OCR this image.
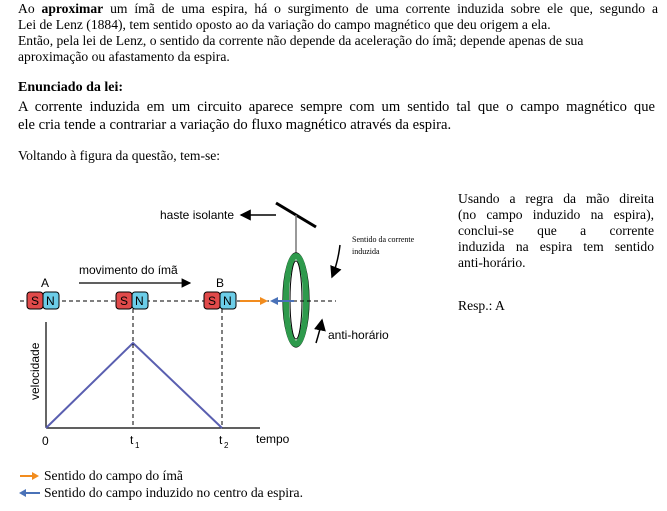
Ao aproximar um ímã de uma espira, há o surgimento de uma corrente induzida sobre ele que, segundo a

Lei de Lenz (1884), tem sentido oposto ao da variação do campo magnético que deu origem a ela.

Então, pela lei de Lenz, o sentido da corrente não depende da aceleração do ímã; depende apenas de sua

aproximação ou afastamento da espira.

Enunciado da lei:

A corrente induzida em um circuito aparece sempre com um sentido tal que o campo magnético que

ele cria tende a contrariar a variação do fluxo magnético através da espira.

Voltando à figura da questão, tem-se:

haste isolante
Sentido da corrente
induzida
anti-horário
A	B
movimento do ímã
S N	S N	S N
velocidade
0	t 1	t 2 tempo

Usando a regra da mão direita

(no campo induzido na espira),

conclui-se que a corrente

induzida na espira tem sentido

anti-horário.

Resp.: A

Sentido do campo do ímã

Sentido do campo induzido no centro da espira.
